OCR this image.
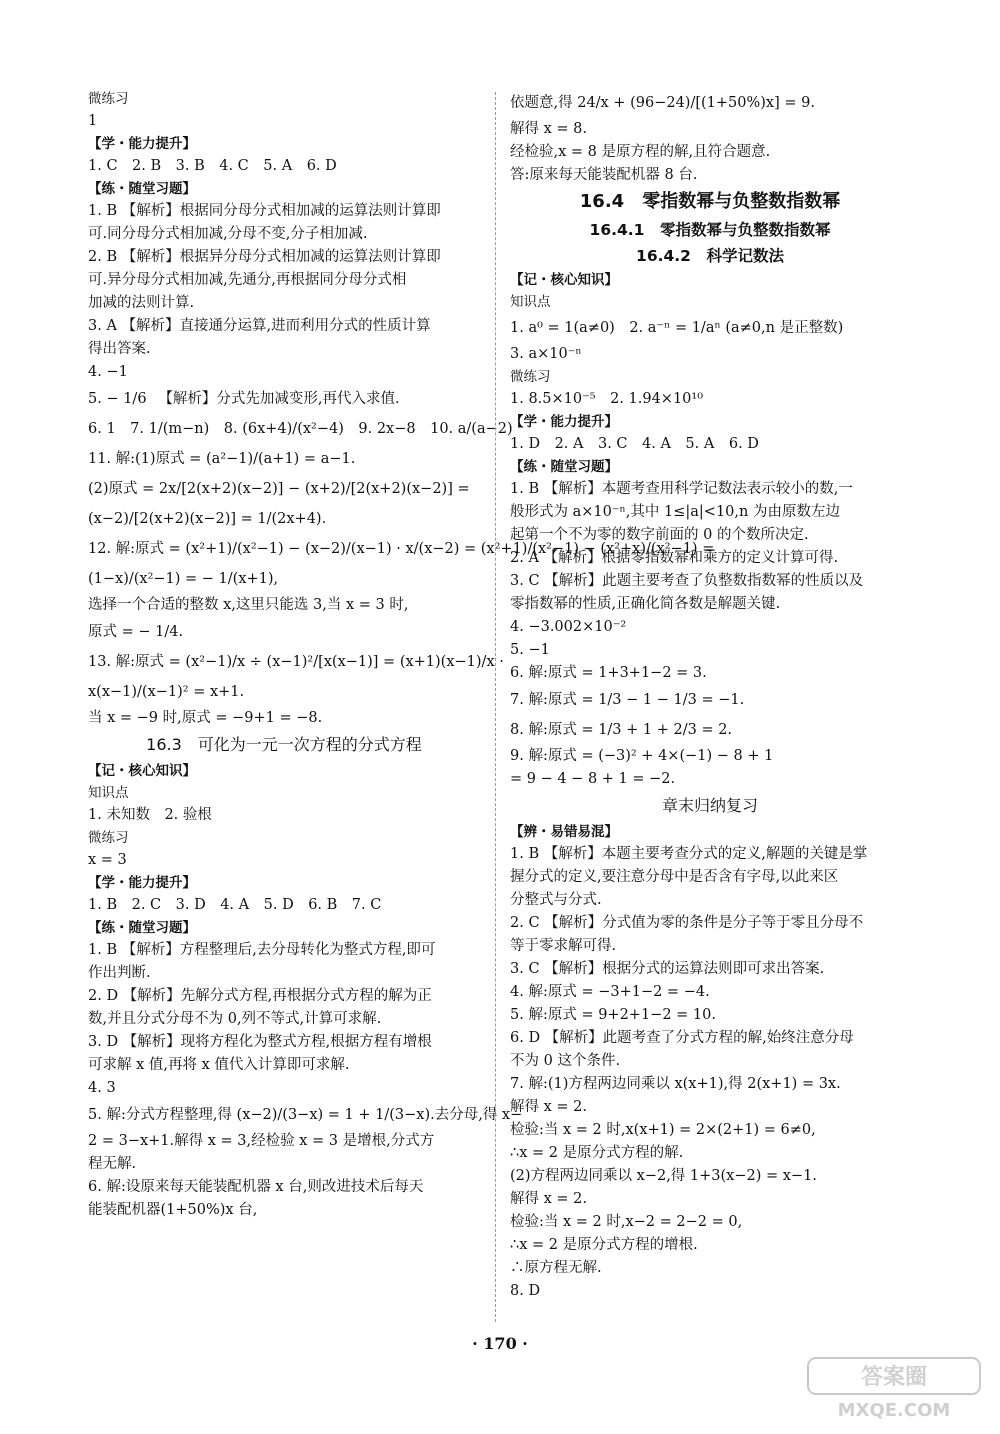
微练习
1
【学・能力提升】
1. C　2. B　3. B　4. C　5. A　6. D
【练・随堂习题】
1. B 【解析】根据同分母分式相加减的运算法则计算即
可.同分母分式相加减,分母不变,分子相加减.
2. B 【解析】根据异分母分式相加减的运算法则计算即
可.异分母分式相加减,先通分,再根据同分母分式相
加减的法则计算.
3. A 【解析】直接通分运算,进而利用分式的性质计算
得出答案.
4. −1
5. − 1/6 　【解析】分式先加减变形,再代入求值.
6. 1　7. 1/(m−n)　8. (6x+4)/(x²−4)　9. 2x−8　10. a/(a−2)
11. 解:(1)原式 = (a²−1)/(a+1) = a−1.
(2)原式 = 2x/[2(x+2)(x−2)] − (x+2)/[2(x+2)(x−2)] =
(x−2)/[2(x+2)(x−2)] = 1/(2x+4).
12. 解:原式 = (x²+1)/(x²−1) − (x−2)/(x−1) · x/(x−2) = (x²+1)/(x²−1) − (x²+x)/(x²−1) =
(1−x)/(x²−1) = − 1/(x+1),
选择一个合适的整数 x,这里只能选 3,当 x = 3 时,
原式 = − 1/4.
13. 解:原式 = (x²−1)/x ÷ (x−1)²/[x(x−1)] = (x+1)(x−1)/x ·
x(x−1)/(x−1)² = x+1.
当 x = −9 时,原式 = −9+1 = −8.
16.3　可化为一元一次方程的分式方程
【记・核心知识】
知识点
1. 未知数　2. 验根
微练习
x = 3
【学・能力提升】
1. B　2. C　3. D　4. A　5. D　6. B　7. C
【练・随堂习题】
1. B 【解析】方程整理后,去分母转化为整式方程,即可
作出判断.
2. D 【解析】先解分式方程,再根据分式方程的解为正
数,并且分式分母不为 0,列不等式,计算可求解.
3. D 【解析】现将方程化为整式方程,根据方程有增根
可求解 x 值,再将 x 值代入计算即可求解.
4. 3
5. 解:分式方程整理,得 (x−2)/(3−x) = 1 + 1/(3−x).去分母,得 x−
2 = 3−x+1.解得 x = 3,经检验 x = 3 是增根,分式方
程无解.
6. 解:设原来每天能装配机器 x 台,则改进技术后每天
能装配机器(1+50%)x 台,
依题意,得 24/x + (96−24)/[(1+50%)x] = 9.
解得 x = 8.
经检验,x = 8 是原方程的解,且符合题意.
答:原来每天能装配机器 8 台.
16.4　零指数幂与负整数指数幂
16.4.1　零指数幂与负整数指数幂
16.4.2　科学记数法
【记・核心知识】
知识点
1. a⁰ = 1(a≠0)　2. a⁻ⁿ = 1/aⁿ (a≠0,n 是正整数)
3. a×10⁻ⁿ
微练习
1. 8.5×10⁻⁵　2. 1.94×10¹⁰
【学・能力提升】
1. D　2. A　3. C　4. A　5. A　6. D
【练・随堂习题】
1. B 【解析】本题考查用科学记数法表示较小的数,一
般形式为 a×10⁻ⁿ,其中 1≤|a|<10,n 为由原数左边
起第一个不为零的数字前面的 0 的个数所决定.
2. A 【解析】根据零指数幂和乘方的定义计算可得.
3. C 【解析】此题主要考查了负整数指数幂的性质以及
零指数幂的性质,正确化简各数是解题关键.
4. −3.002×10⁻²
5. −1
6. 解:原式 = 1+3+1−2 = 3.
7. 解:原式 = 1/3 − 1 − 1/3 = −1.
8. 解:原式 = 1/3 + 1 + 2/3 = 2.
9. 解:原式 = (−3)² + 4×(−1) − 8 + 1
= 9 − 4 − 8 + 1 = −2.
章末归纳复习
【辨・易错易混】
1. B 【解析】本题主要考查分式的定义,解题的关键是掌
握分式的定义,要注意分母中是否含有字母,以此来区
分整式与分式.
2. C 【解析】分式值为零的条件是分子等于零且分母不
等于零求解可得.
3. C 【解析】根据分式的运算法则即可求出答案.
4. 解:原式 = −3+1−2 = −4.
5. 解:原式 = 9+2+1−2 = 10.
6. D 【解析】此题考查了分式方程的解,始终注意分母
不为 0 这个条件.
7. 解:(1)方程两边同乘以 x(x+1),得 2(x+1) = 3x.
解得 x = 2.
检验:当 x = 2 时,x(x+1) = 2×(2+1) = 6≠0,
∴x = 2 是原分式方程的解.
(2)方程两边同乘以 x−2,得 1+3(x−2) = x−1.
解得 x = 2.
检验:当 x = 2 时,x−2 = 2−2 = 0,
∴x = 2 是原分式方程的增根.
∴原方程无解.
8. D
· 170 ·
答案圈
MXQE.COM
